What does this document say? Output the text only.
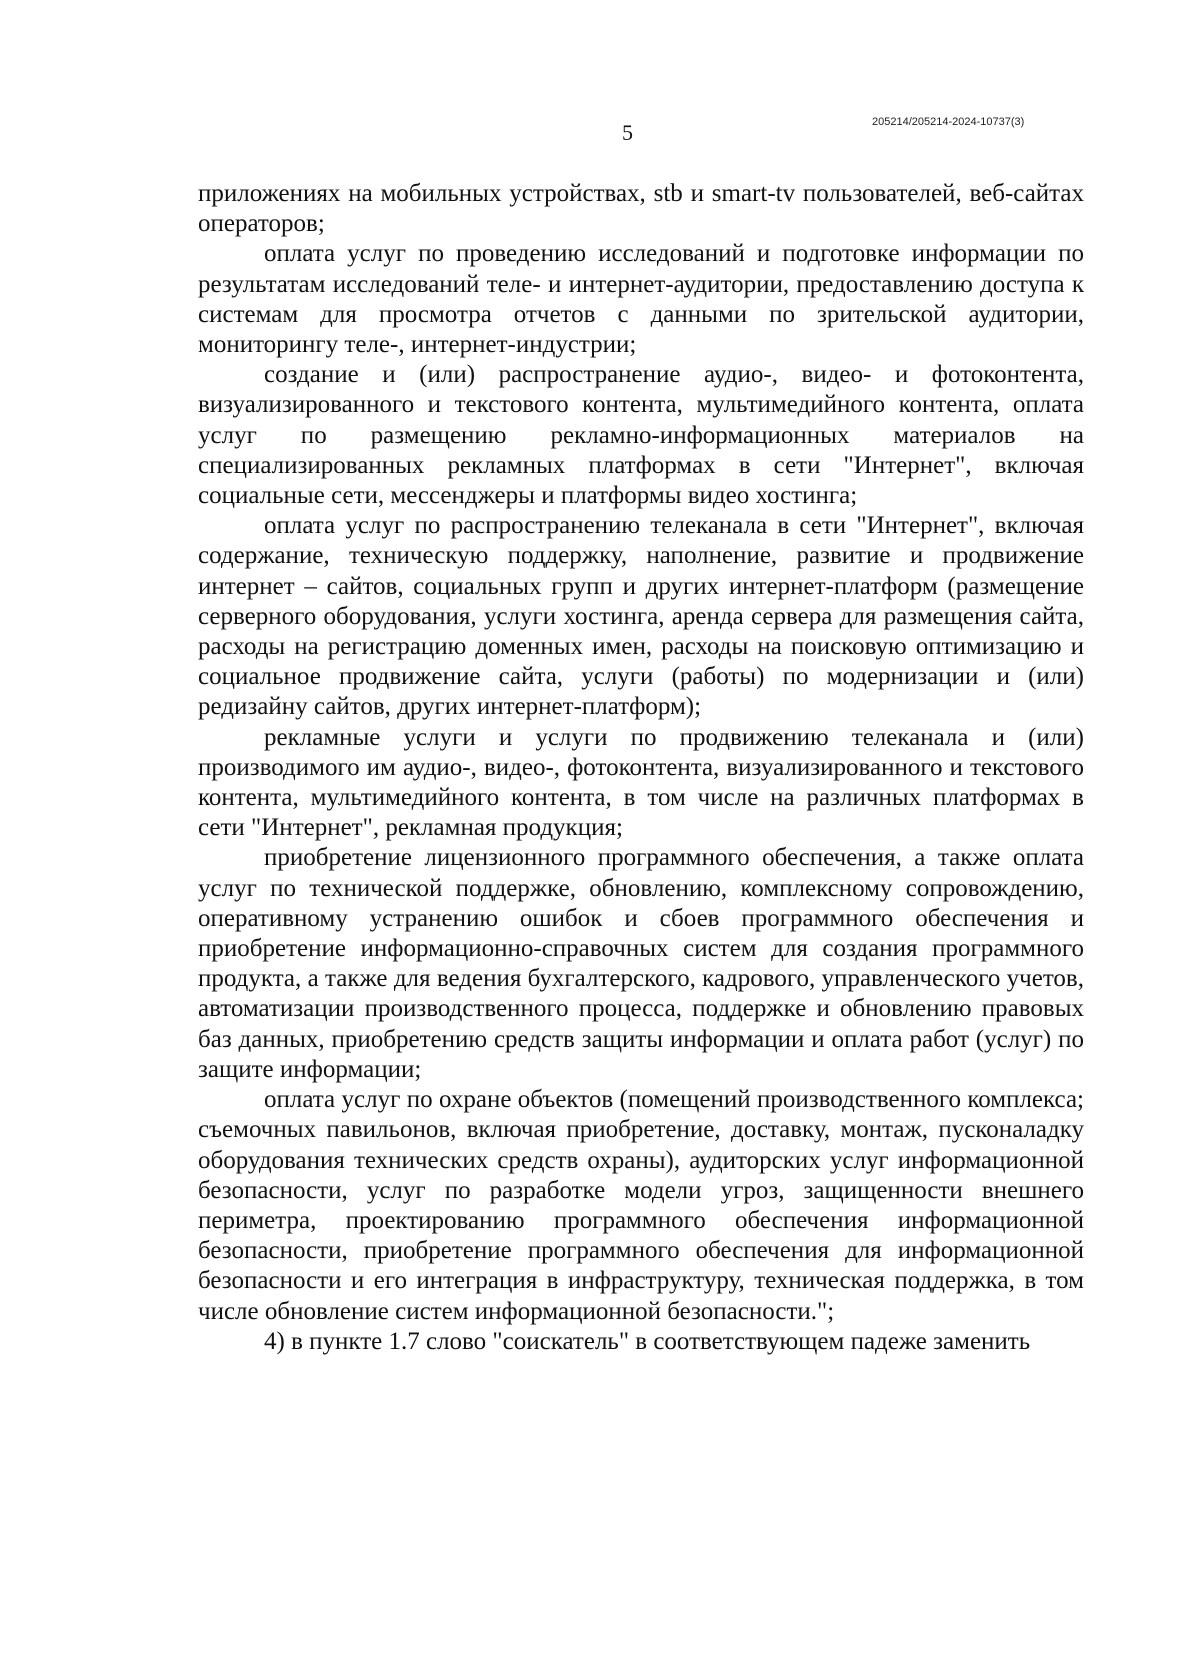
5	205214/205214-2024-10737(3)

приложениях на мобильных устройствах, stb и smart-tv пользователей, веб-сайтах операторов;

оплата услуг по проведению исследований и подготовке информации по результатам исследований теле- и интернет-аудитории, предоставлению доступа к системам для просмотра отчетов с данными по зрительской аудитории, мониторингу теле-, интернет-индустрии;

создание и (или) распространение аудио-, видео- и фотоконтента, визуализированного и текстового контента, мультимедийного контента, оплата услуг по размещению рекламно-информационных материалов на специализированных рекламных платформах в сети "Интернет", включая социальные сети, мессенджеры и платформы видео хостинга;

оплата услуг по распространению телеканала в сети "Интернет", включая содержание, техническую поддержку, наполнение, развитие и продвижение интернет – сайтов, социальных групп и других интернет-платформ (размещение серверного оборудования, услуги хостинга, аренда сервера для размещения сайта, расходы на регистрацию доменных имен, расходы на поисковую оптимизацию и социальное продвижение сайта, услуги (работы) по модернизации и (или) редизайну сайтов, других интернет-платформ);

рекламные услуги и услуги по продвижению телеканала и (или) производимого им аудио-, видео-, фотоконтента, визуализированного и текстового контента, мультимедийного контента, в том числе на различных платформах в сети "Интернет", рекламная продукция;

приобретение лицензионного программного обеспечения, а также оплата услуг по технической поддержке, обновлению, комплексному сопровождению, оперативному устранению ошибок и сбоев программного обеспечения и приобретение информационно-справочных систем для создания программного продукта, а также для ведения бухгалтерского, кадрового, управленческого учетов, автоматизации производственного процесса, поддержке и обновлению правовых баз данных, приобретению средств защиты информации и оплата работ (услуг) по защите информации;

оплата услуг по охране объектов (помещений производственного комплекса; съемочных павильонов, включая приобретение, доставку, монтаж, пусконаладку оборудования технических средств охраны), аудиторских услуг информационной безопасности, услуг по разработке модели угроз, защищенности внешнего периметра, проектированию программного обеспечения информационной безопасности, приобретение программного обеспечения для информационной безопасности и его интеграция в инфраструктуру, техническая поддержка, в том числе обновление систем информационной безопасности.";

4) в пункте 1.7 слово "соискатель" в соответствующем падеже заменить
